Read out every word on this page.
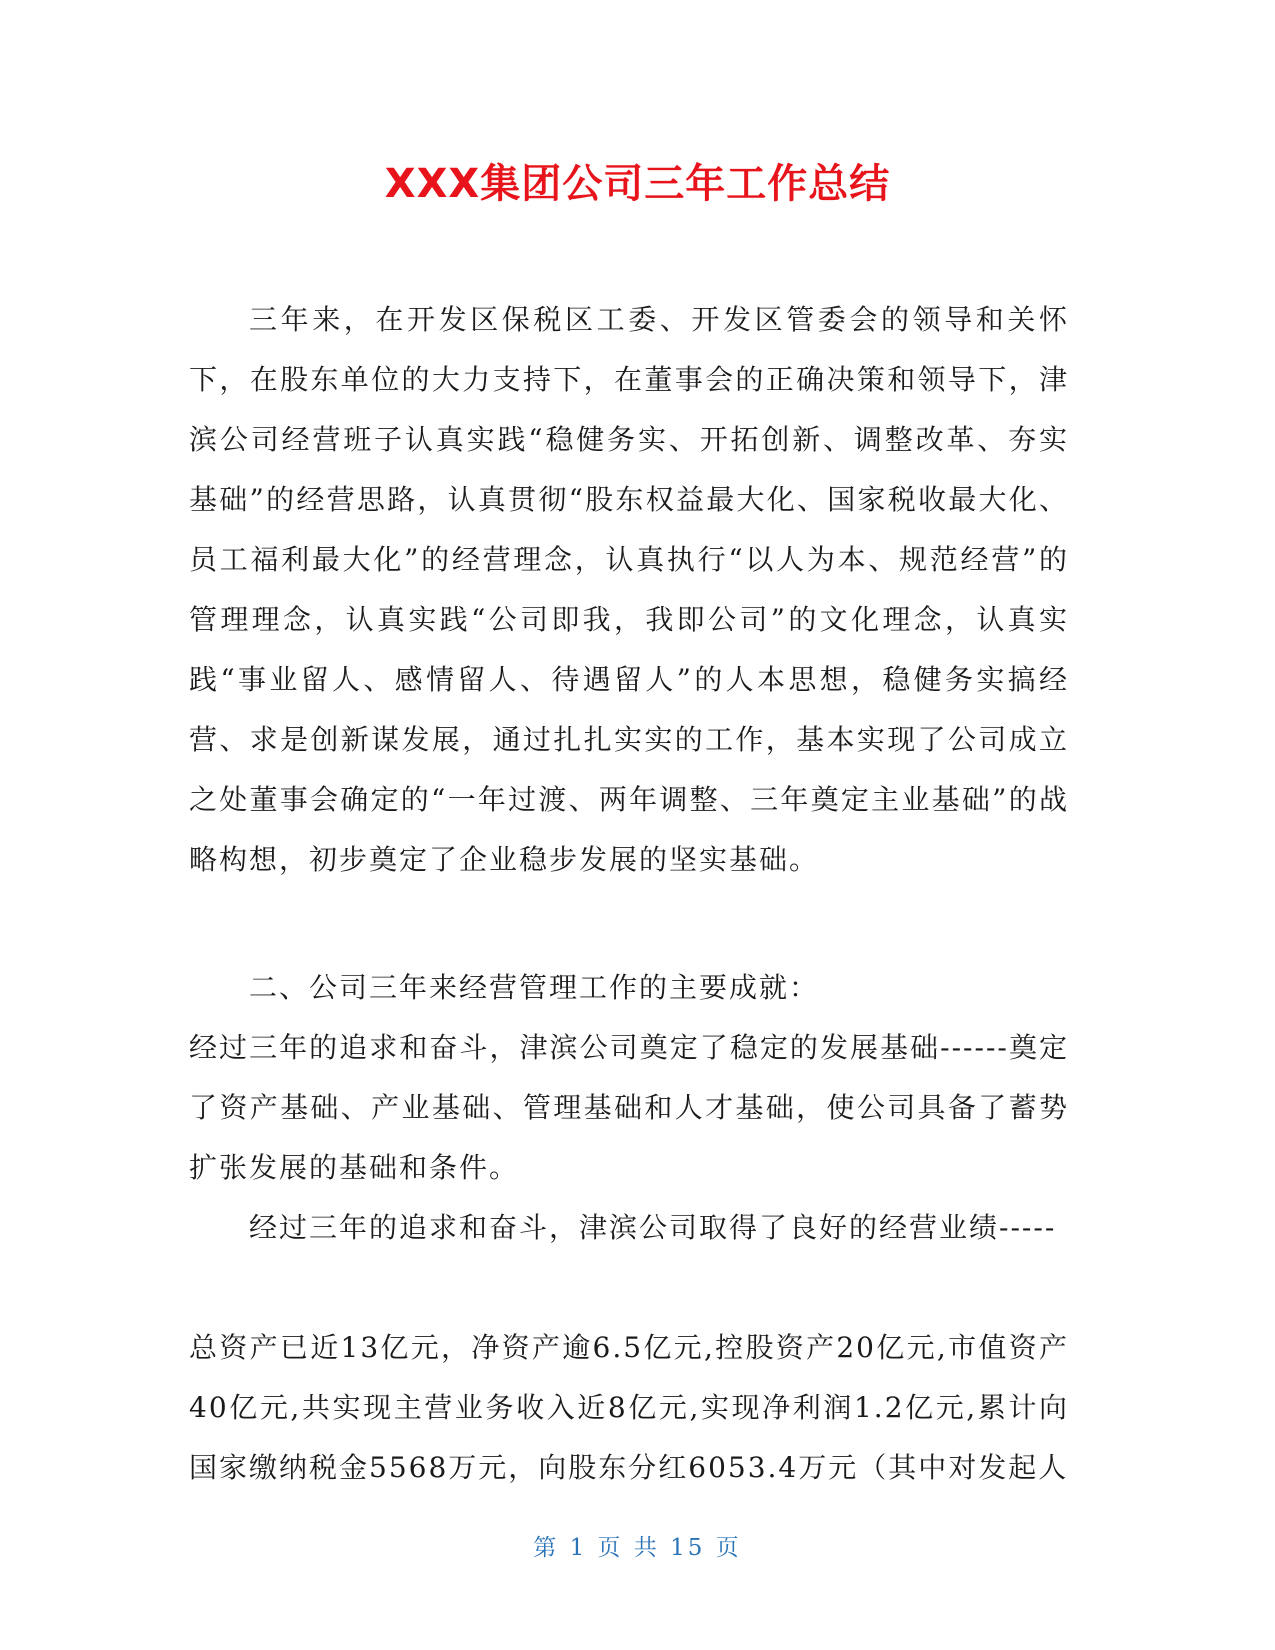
XXX集团公司三年工作总结

三年来，在开发区保税区工委、开发区管委会的领导和关怀下，在股东单位的大力支持下，在董事会的正确决策和领导下，津滨公司经营班子认真实践“稳健务实、开拓创新、调整改革、夯实基础”的经营思路，认真贯彻“股东权益最大化、国家税收最大化、员工福利最大化”的经营理念，认真执行“以人为本、规范经营”的管理理念，认真实践“公司即我，我即公司”的文化理念，认真实践“事业留人、感情留人、待遇留人”的人本思想，稳健务实搞经营、求是创新谋发展，通过扎扎实实的工作，基本实现了公司成立之处董事会确定的“一年过渡、两年调整、三年奠定主业基础”的战略构想，初步奠定了企业稳步发展的坚实基础。

二、公司三年来经营管理工作的主要成就：

经过三年的追求和奋斗，津滨公司奠定了稳定的发展基础------奠定了资产基础、产业基础、管理基础和人才基础，使公司具备了蓄势扩张发展的基础和条件。

经过三年的追求和奋斗，津滨公司取得了良好的经营业绩-----

总资产已近13亿元，净资产逾6.5亿元,控股资产20亿元,市值资产40亿元,共实现主营业务收入近8亿元,实现净利润1.2亿元,累计向国家缴纳税金5568万元，向股东分红6053.4万元（其中对发起人

第 1 页 共 15 页
